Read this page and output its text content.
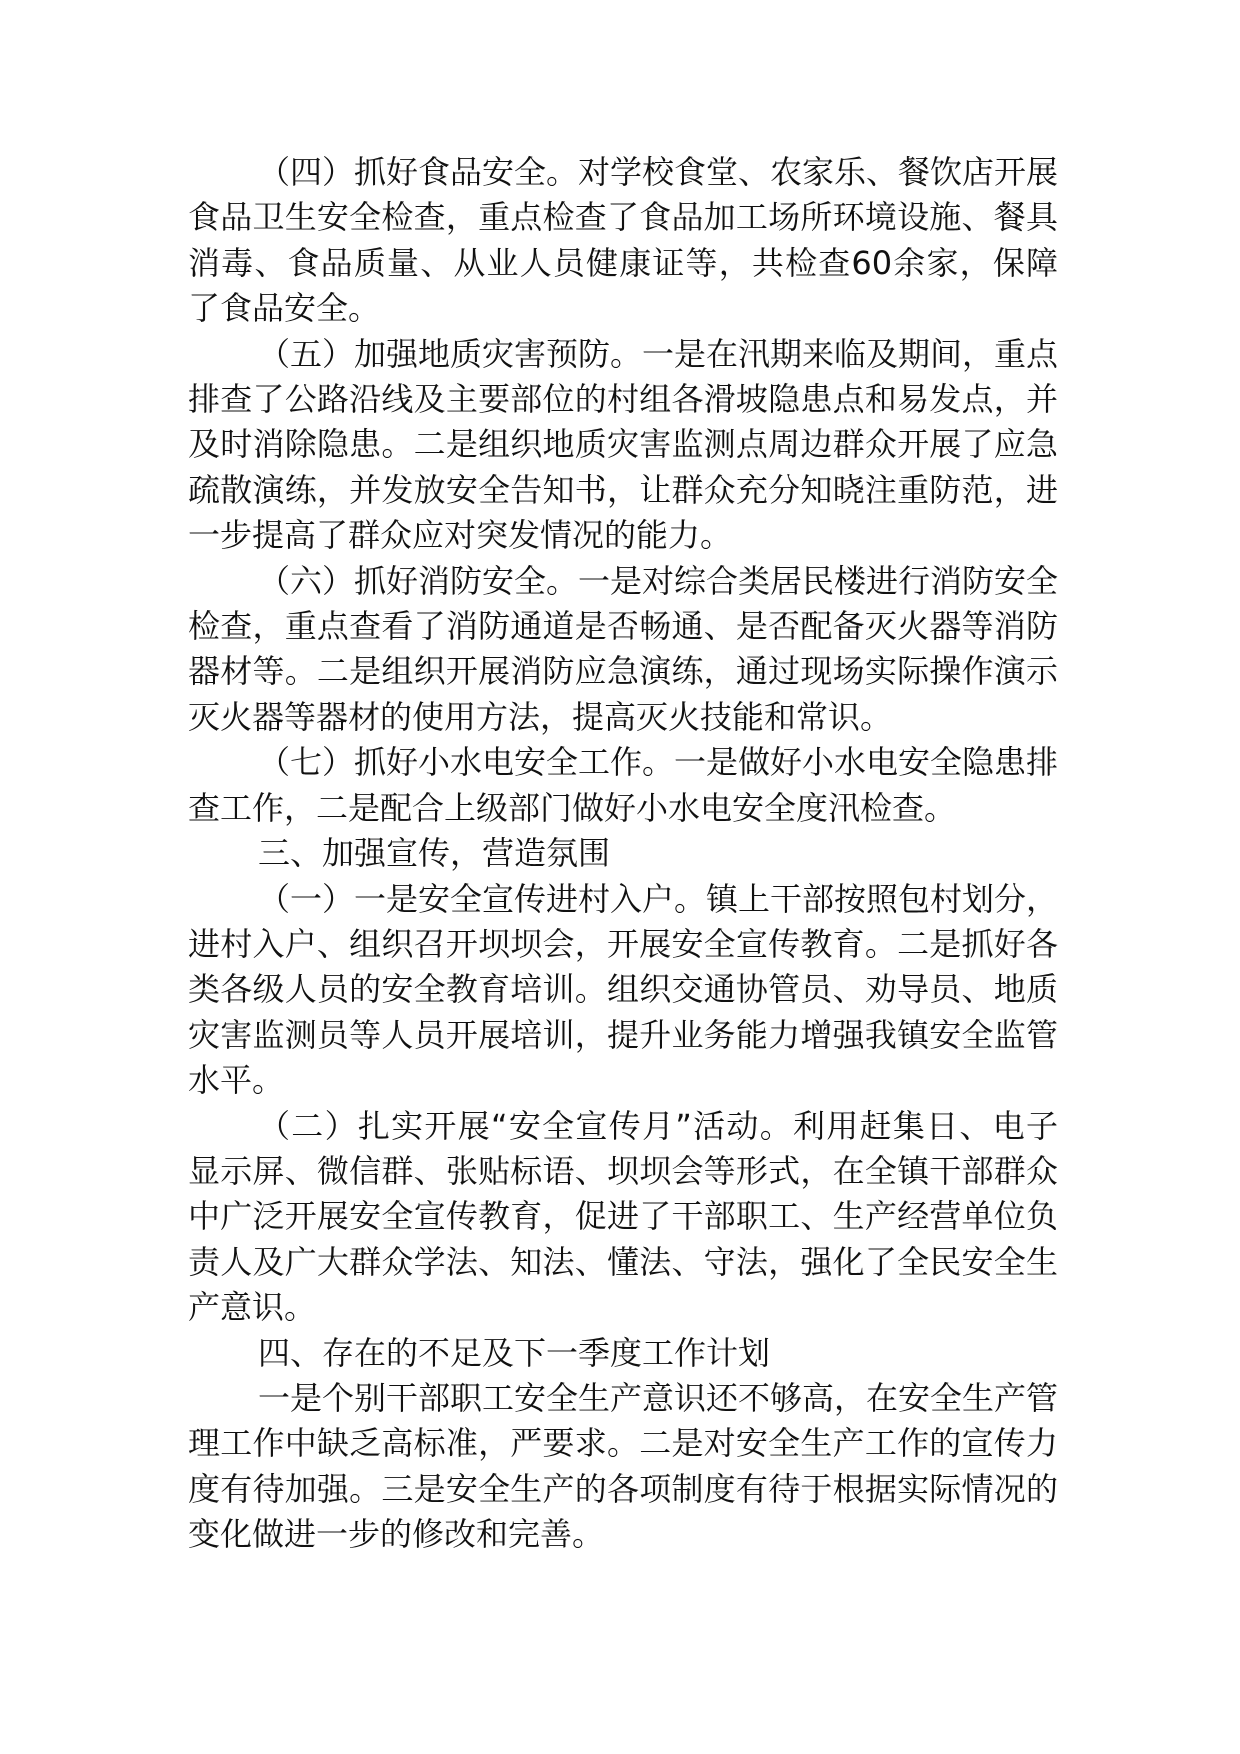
（四）抓好食品安全。对学校食堂、农家乐、餐饮店开展食品卫生安全检查，重点检查了食品加工场所环境设施、餐具消毒、食品质量、从业人员健康证等，共检查60余家，保障了食品安全。

（五）加强地质灾害预防。一是在汛期来临及期间，重点排查了公路沿线及主要部位的村组各滑坡隐患点和易发点，并及时消除隐患。二是组织地质灾害监测点周边群众开展了应急疏散演练，并发放安全告知书，让群众充分知晓注重防范，进一步提高了群众应对突发情况的能力。

（六）抓好消防安全。一是对综合类居民楼进行消防安全检查，重点查看了消防通道是否畅通、是否配备灭火器等消防器材等。二是组织开展消防应急演练，通过现场实际操作演示灭火器等器材的使用方法，提高灭火技能和常识。

（七）抓好小水电安全工作。一是做好小水电安全隐患排查工作，二是配合上级部门做好小水电安全度汛检查。

三、加强宣传，营造氛围

（一）一是安全宣传进村入户。镇上干部按照包村划分，进村入户、组织召开坝坝会，开展安全宣传教育。二是抓好各类各级人员的安全教育培训。组织交通协管员、劝导员、地质灾害监测员等人员开展培训，提升业务能力增强我镇安全监管水平。

（二）扎实开展“安全宣传月”活动。利用赶集日、电子显示屏、微信群、张贴标语、坝坝会等形式，在全镇干部群众中广泛开展安全宣传教育，促进了干部职工、生产经营单位负责人及广大群众学法、知法、懂法、守法，强化了全民安全生产意识。

四、存在的不足及下一季度工作计划

一是个别干部职工安全生产意识还不够高，在安全生产管理工作中缺乏高标准，严要求。二是对安全生产工作的宣传力度有待加强。三是安全生产的各项制度有待于根据实际情况的变化做进一步的修改和完善。
